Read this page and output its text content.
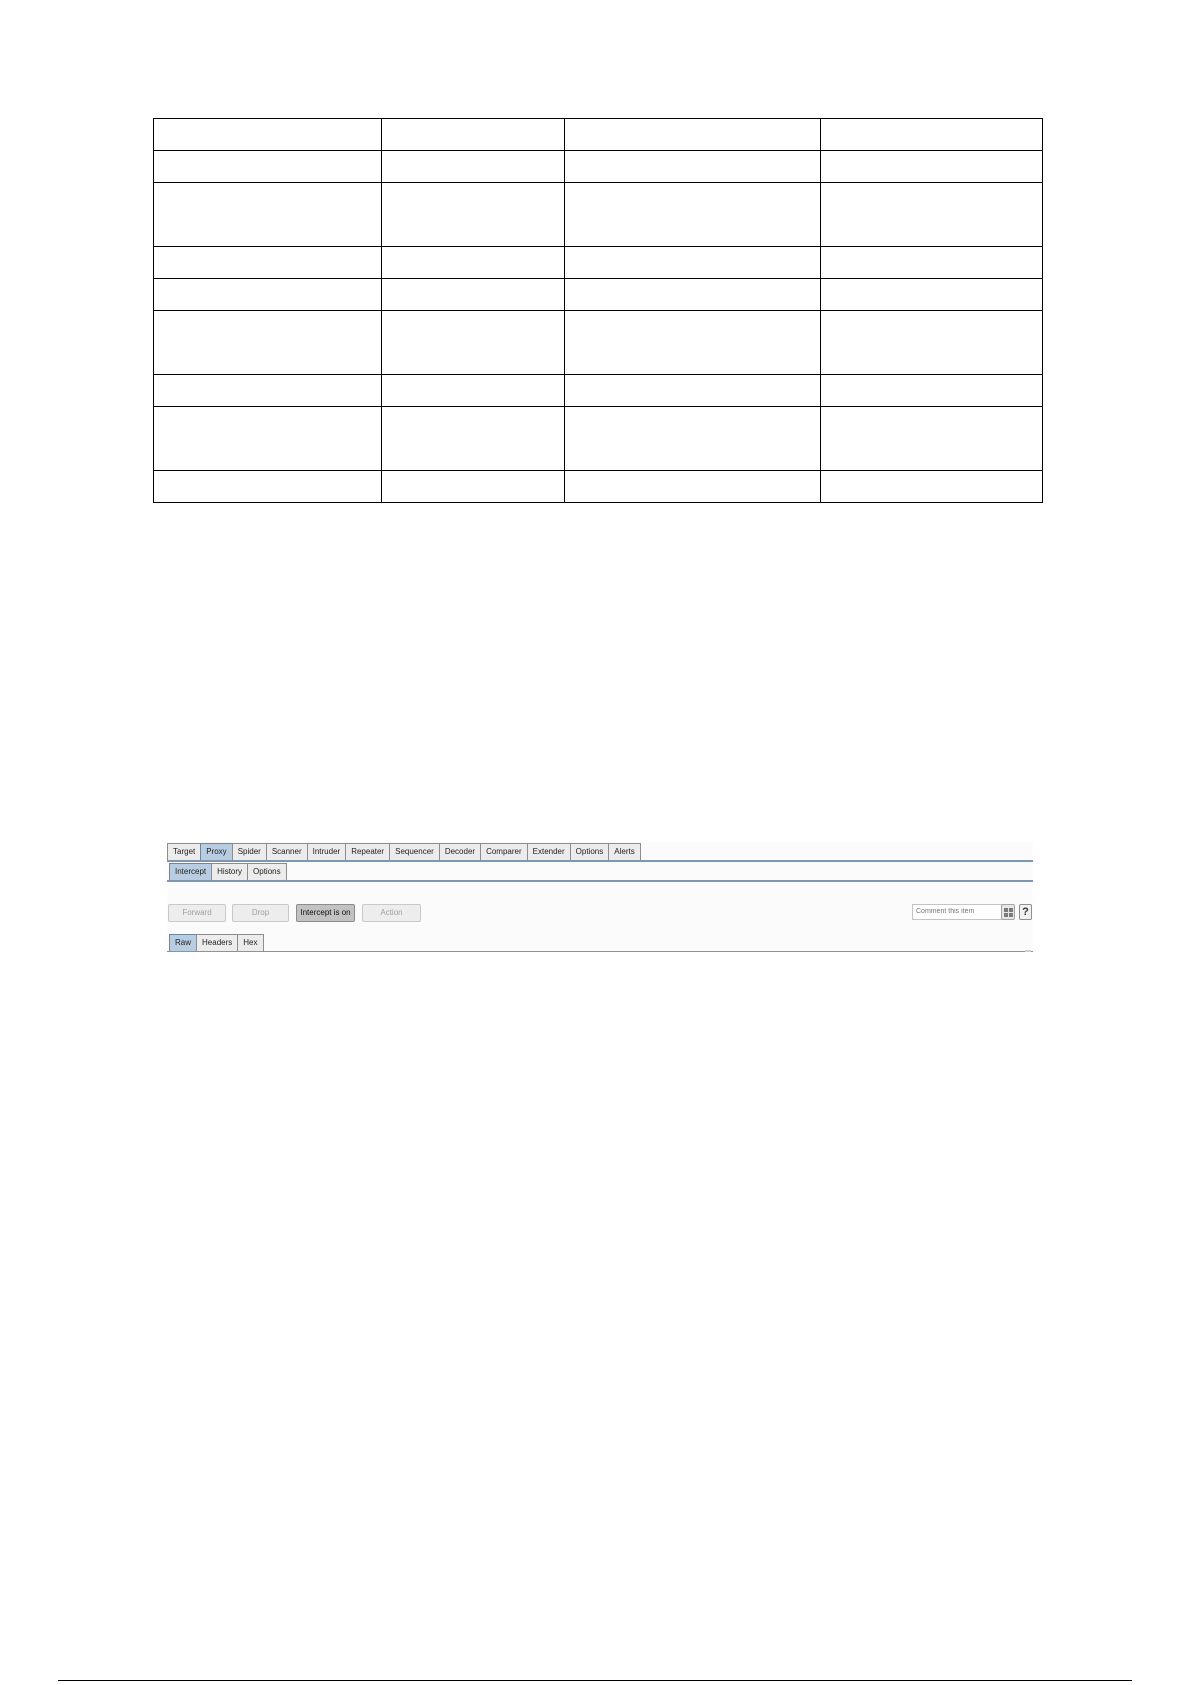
Target	Proxy	Spider	Scanner	Intruder	Repeater	Sequencer	Decoder	Comparer	Extender	Options	Alerts
Intercept	History	Options
Forward	Drop	Intercept is on	Action
Comment this item	?
Raw	Headers	Hex
